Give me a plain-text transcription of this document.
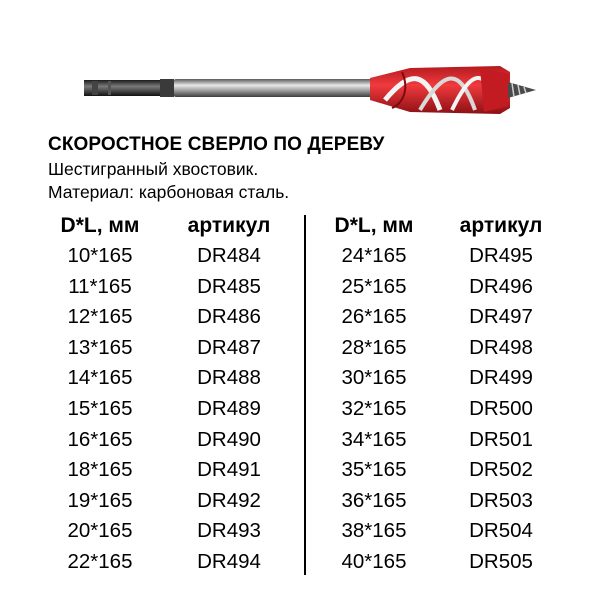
СКОРОСТНОЕ СВЕРЛО ПО ДЕРЕВУ
Шестигранный хвостовик.
Материал: карбоновая сталь.
D*L, мм
10*165
11*165
12*165
13*165
14*165
15*165
16*165
18*165
19*165
20*165
22*165
артикул
DR484
DR485
DR486
DR487
DR488
DR489
DR490
DR491
DR492
DR493
DR494
D*L, мм
24*165
25*165
26*165
28*165
30*165
32*165
34*165
35*165
36*165
38*165
40*165
артикул
DR495
DR496
DR497
DR498
DR499
DR500
DR501
DR502
DR503
DR504
DR505
